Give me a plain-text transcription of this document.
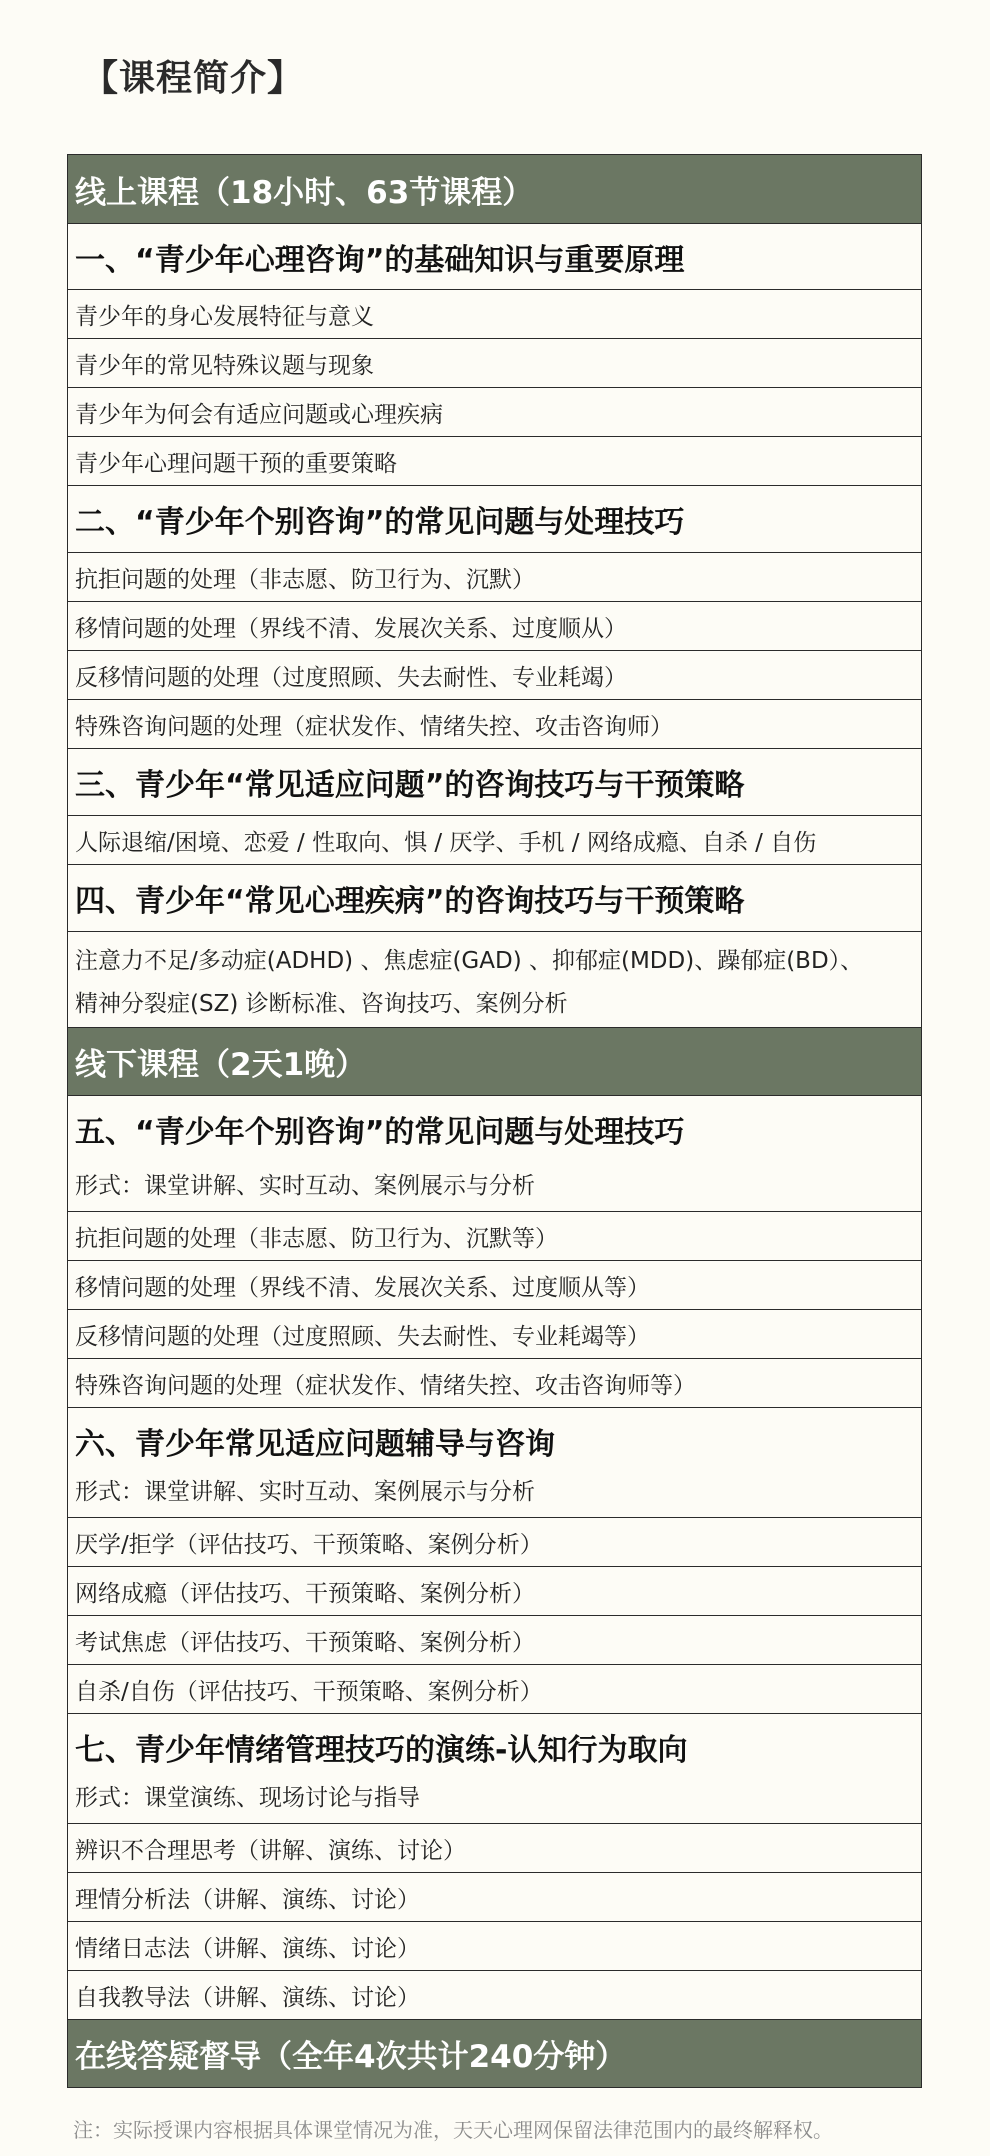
【课程简介】
线上课程（18小时、63节课程）
一、“青少年心理咨询”的基础知识与重要原理
青少年的身心发展特征与意义
青少年的常见特殊议题与现象
青少年为何会有适应问题或心理疾病
青少年心理问题干预的重要策略
二、“青少年个别咨询”的常见问题与处理技巧
抗拒问题的处理（非志愿、防卫行为、沉默）
移情问题的处理（界线不清、发展次关系、过度顺从）
反移情问题的处理（过度照顾、失去耐性、专业耗竭）
特殊咨询问题的处理（症状发作、情绪失控、攻击咨询师）
三、青少年“常见适应问题”的咨询技巧与干预策略
人际退缩/困境、恋爱 / 性取向、惧 / 厌学、手机 / 网络成瘾、自杀 / 自伤
四、青少年“常见心理疾病”的咨询技巧与干预策略
注意力不足/多动症(ADHD) 、焦虑症(GAD) 、抑郁症(MDD)、躁郁症(BD）、
精神分裂症(SZ) 诊断标准、咨询技巧、案例分析
线下课程（2天1晚）
五、“青少年个别咨询”的常见问题与处理技巧
形式：课堂讲解、实时互动、案例展示与分析
抗拒问题的处理（非志愿、防卫行为、沉默等）
移情问题的处理（界线不清、发展次关系、过度顺从等）
反移情问题的处理（过度照顾、失去耐性、专业耗竭等）
特殊咨询问题的处理（症状发作、情绪失控、攻击咨询师等）
六、青少年常见适应问题辅导与咨询
形式：课堂讲解、实时互动、案例展示与分析
厌学/拒学（评估技巧、干预策略、案例分析）
网络成瘾（评估技巧、干预策略、案例分析）
考试焦虑（评估技巧、干预策略、案例分析）
自杀/自伤（评估技巧、干预策略、案例分析）
七、青少年情绪管理技巧的演练-认知行为取向
形式：课堂演练、现场讨论与指导
辨识不合理思考（讲解、演练、讨论）
理情分析法（讲解、演练、讨论）
情绪日志法（讲解、演练、讨论）
自我教导法（讲解、演练、讨论）
在线答疑督导（全年4次共计240分钟）
注：实际授课内容根据具体课堂情况为准，天天心理网保留法律范围内的最终解释权。
